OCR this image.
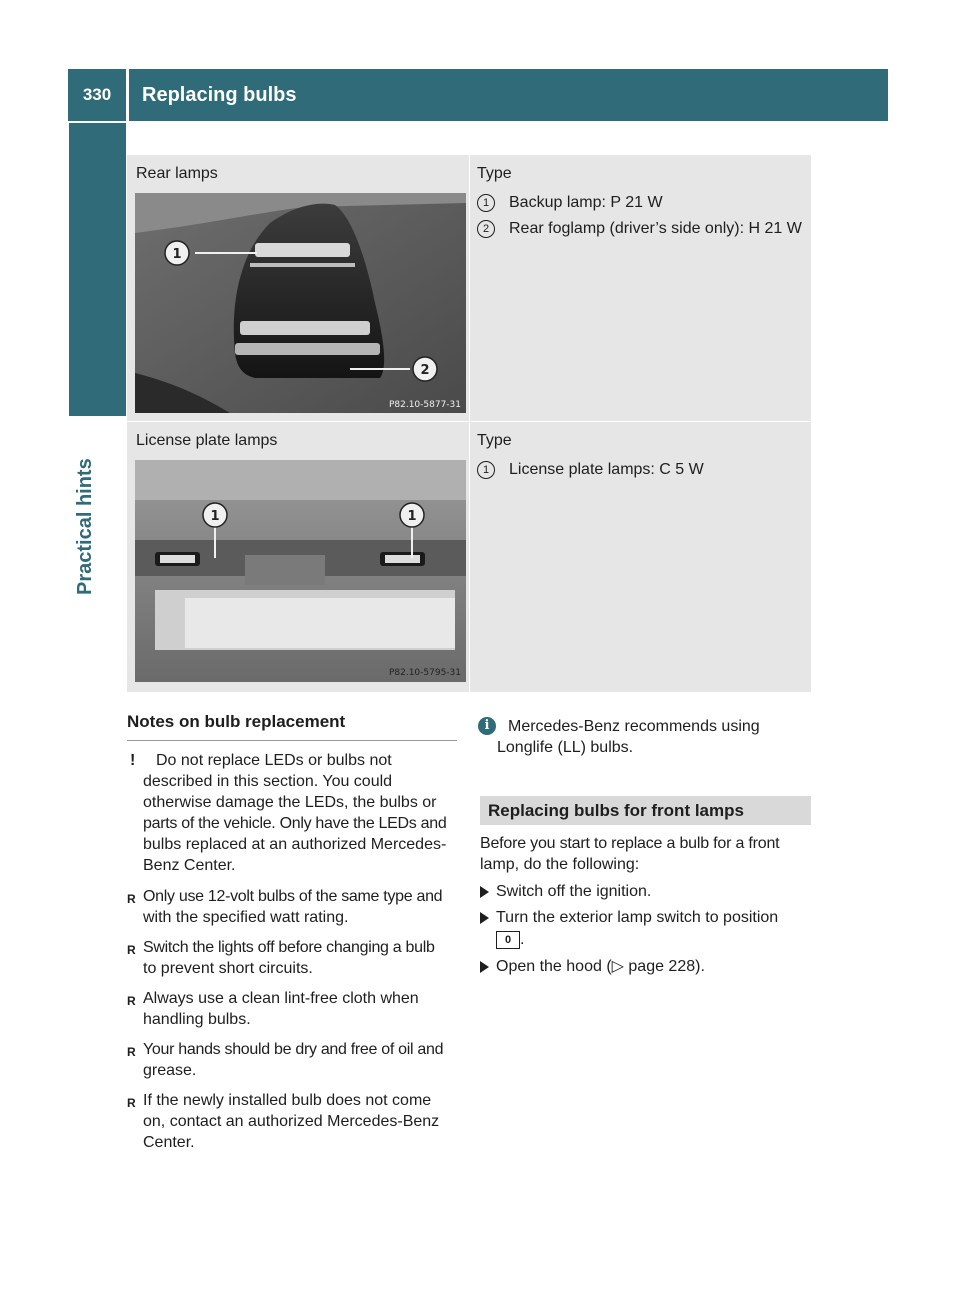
330	Replacing bulbs
Practical hints
Rear lamps
1
2
P82.10-5877-31
Type
1 Backup lamp: P 21 W
2 Rear foglamp (driver’s side only): H 21 W
License plate lamps
1	1
P82.10-5795-31
Type
1 License plate lamps: C 5 W
Notes on bulb replacement
! Do not replace LEDs or bulbs not
described in this section. You could
otherwise damage the LEDs, the bulbs or
parts of the vehicle. Only have the LEDs and
bulbs replaced at an authorized Mercedes-
Benz Center.
R Only use 12-volt bulbs of the same type and
with the specified watt rating.
R Switch the lights off before changing a bulb
to prevent short circuits.
R Always use a clean lint-free cloth when
handling bulbs.
R Your hands should be dry and free of oil and
grease.
R If the newly installed bulb does not come
on, contact an authorized Mercedes-Benz
Center.
i	Mercedes-Benz recommends using
Longlife (LL) bulbs.
Replacing bulbs for front lamps
Before you start to replace a bulb for a front
lamp, do the following:
Switch off the ignition.
Turn the exterior lamp switch to position
0 .
Open the hood (▷ page 228).
